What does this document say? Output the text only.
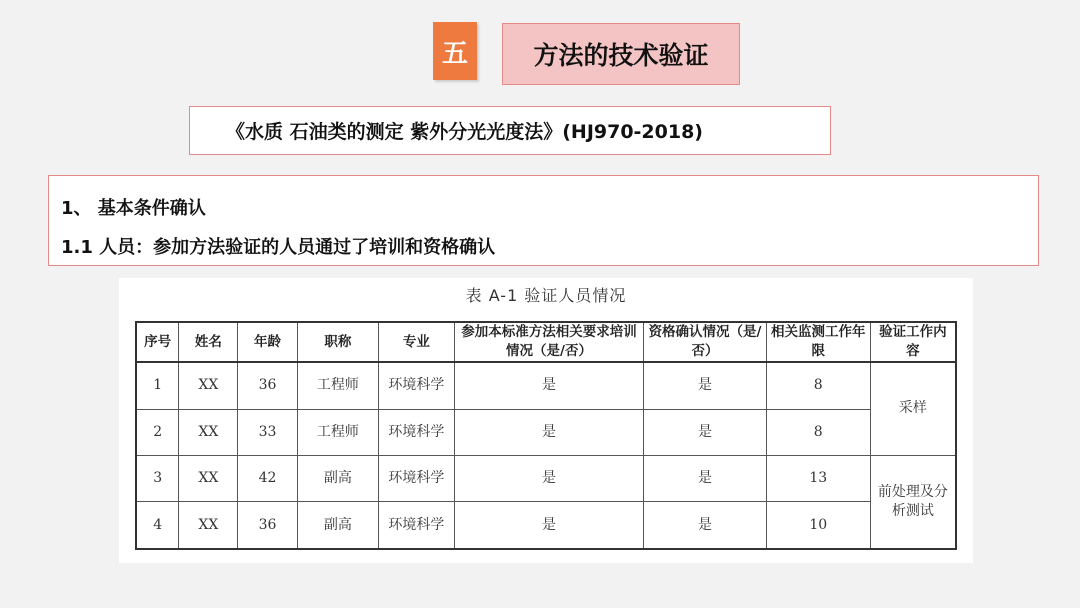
五	方法的技术验证
《水质 石油类的测定 紫外分光光度法》(HJ970-2018)
1、 基本条件确认
1.1 人员：参加方法验证的人员通过了培训和资格确认
表 A-1 验证人员情况
序号	姓名	年龄	职称	专业	参加本标准方法相关要求培训情况（是/否）	资格确认情况（是/否）	相关监测工作年限	验证工作内容
1	XX	36	工程师	环境科学	是	是	8	采样
2	XX	33	工程师	环境科学	是	是	8	
3	XX	42	副高	环境科学	是	是	13	前处理及分析测试
4	XX	36	副高	环境科学	是	是	10	
